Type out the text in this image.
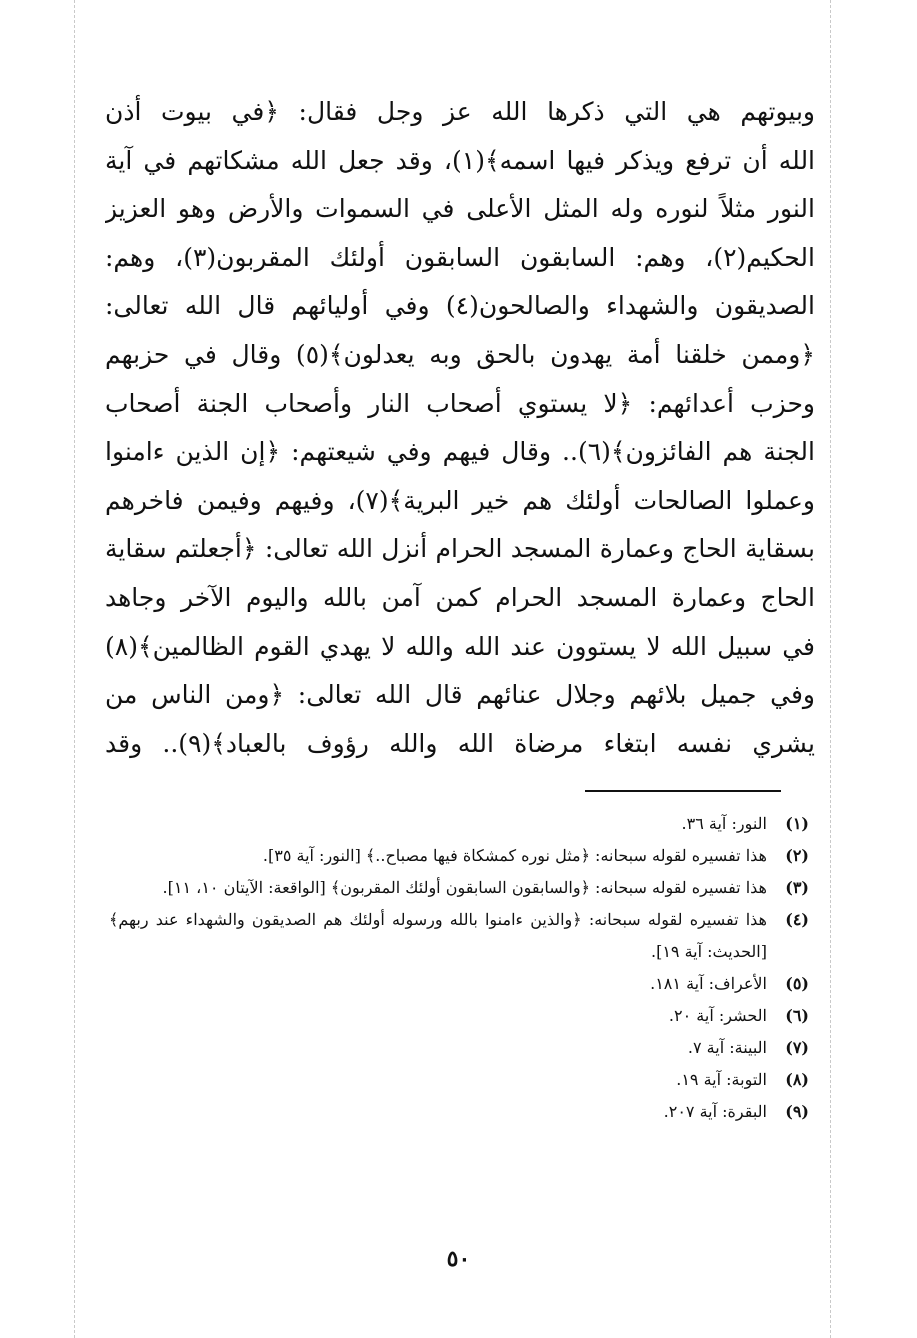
وبيوتهم هي التي ذكرها الله عز وجل فقال: ﴿في بيوت أذن

الله أن ترفع ويذكر فيها اسمه﴾(١)، وقد جعل الله مشكاتهم في آية

النور مثلاً لنوره وله المثل الأعلى في السموات والأرض وهو العزيز

الحكيم(٢)، وهم: السابقون السابقون أولئك المقربون(٣)، وهم:

الصديقون والشهداء والصالحون(٤) وفي أوليائهم قال الله تعالى:

﴿وممن خلقنا أمة يهدون بالحق وبه يعدلون﴾(٥) وقال في حزبهم

وحزب أعدائهم: ﴿لا يستوي أصحاب النار وأصحاب الجنة أصحاب

الجنة هم الفائزون﴾(٦).. وقال فيهم وفي شيعتهم: ﴿إن الذين ءامنوا

وعملوا الصالحات أولئك هم خير البرية﴾(٧)، وفيهم وفيمن فاخرهم

بسقاية الحاج وعمارة المسجد الحرام أنزل الله تعالى: ﴿أجعلتم سقاية

الحاج وعمارة المسجد الحرام كمن آمن بالله واليوم الآخر وجاهد

في سبيل الله لا يستوون عند الله والله لا يهدي القوم الظالمين﴾(٨)

وفي جميل بلائهم وجلال عنائهم قال الله تعالى: ﴿ومن الناس من

يشري نفسه ابتغاء مرضاة الله والله رؤوف بالعباد﴾(٩).. وقد

(١)
النور: آية ٣٦.
(٢)
هذا تفسيره لقوله سبحانه: ﴿مثل نوره كمشكاة فيها مصباح..﴾ [النور: آية ٣٥].
(٣)
هذا تفسيره لقوله سبحانه: ﴿والسابقون السابقون أولئك المقربون﴾ [الواقعة: الآيتان ١٠، ١١].
(٤)
هذا تفسيره لقوله سبحانه: ﴿والذين ءامنوا بالله ورسوله أولئك هم الصديقون والشهداء عند ربهم﴾ [الحديث: آية ١٩].
(٥)
الأعراف: آية ١٨١.
(٦)
الحشر: آية ٢٠.
(٧)
البينة: آية ٧.
(٨)
التوبة: آية ١٩.
(٩)
البقرة: آية ٢٠٧.
٥٠
